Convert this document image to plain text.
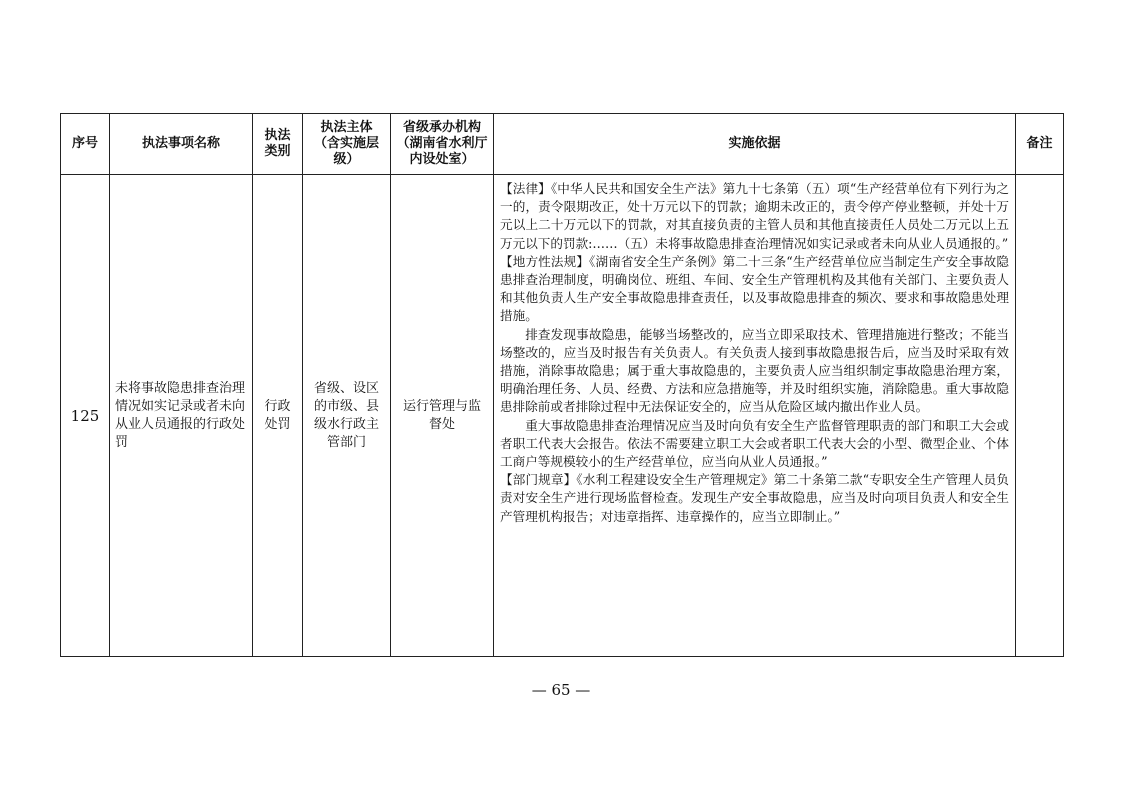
序号	执法事项名称	执法类别	执法主体（含实施层级）	省级承办机构（湖南省水利厅内设处室）	实施依据	备注
125	未将事故隐患排查治理情况如实记录或者未向从业人员通报的行政处罚	行政处罚	省级、设区的市级、县级水行政主管部门	运行管理与监督处	【法律】《中华人民共和国安全生产法》第九十七条第（五）项“生产经营单位有下列行为之一的，责令限期改正，处十万元以下的罚款；逾期未改正的，责令停产停业整顿，并处十万元以上二十万元以下的罚款，对其直接负责的主管人员和其他直接责任人员处二万元以上五万元以下的罚款:……（五）未将事故隐患排查治理情况如实记录或者未向从业人员通报的。”

【地方性法规】《湖南省安全生产条例》第二十三条“生产经营单位应当制定生产安全事故隐患排查治理制度，明确岗位、班组、车间、安全生产管理机构及其他有关部门、主要负责人和其他负责人生产安全事故隐患排查责任，以及事故隐患排查的频次、要求和事故隐患处理措施。

排查发现事故隐患，能够当场整改的，应当立即采取技术、管理措施进行整改；不能当场整改的，应当及时报告有关负责人。有关负责人接到事故隐患报告后，应当及时采取有效措施，消除事故隐患；属于重大事故隐患的，主要负责人应当组织制定事故隐患治理方案，明确治理任务、人员、经费、方法和应急措施等，并及时组织实施，消除隐患。重大事故隐患排除前或者排除过程中无法保证安全的，应当从危险区域内撤出作业人员。

重大事故隐患排查治理情况应当及时向负有安全生产监督管理职责的部门和职工大会或者职工代表大会报告。依法不需要建立职工大会或者职工代表大会的小型、微型企业、个体工商户等规模较小的生产经营单位，应当向从业人员通报。”

【部门规章】《水利工程建设安全生产管理规定》第二十条第二款“专职安全生产管理人员负责对安全生产进行现场监督检查。发现生产安全事故隐患，应当及时向项目负责人和安全生产管理机构报告；对违章指挥、违章操作的，应当立即制止。”	

— 65 —
